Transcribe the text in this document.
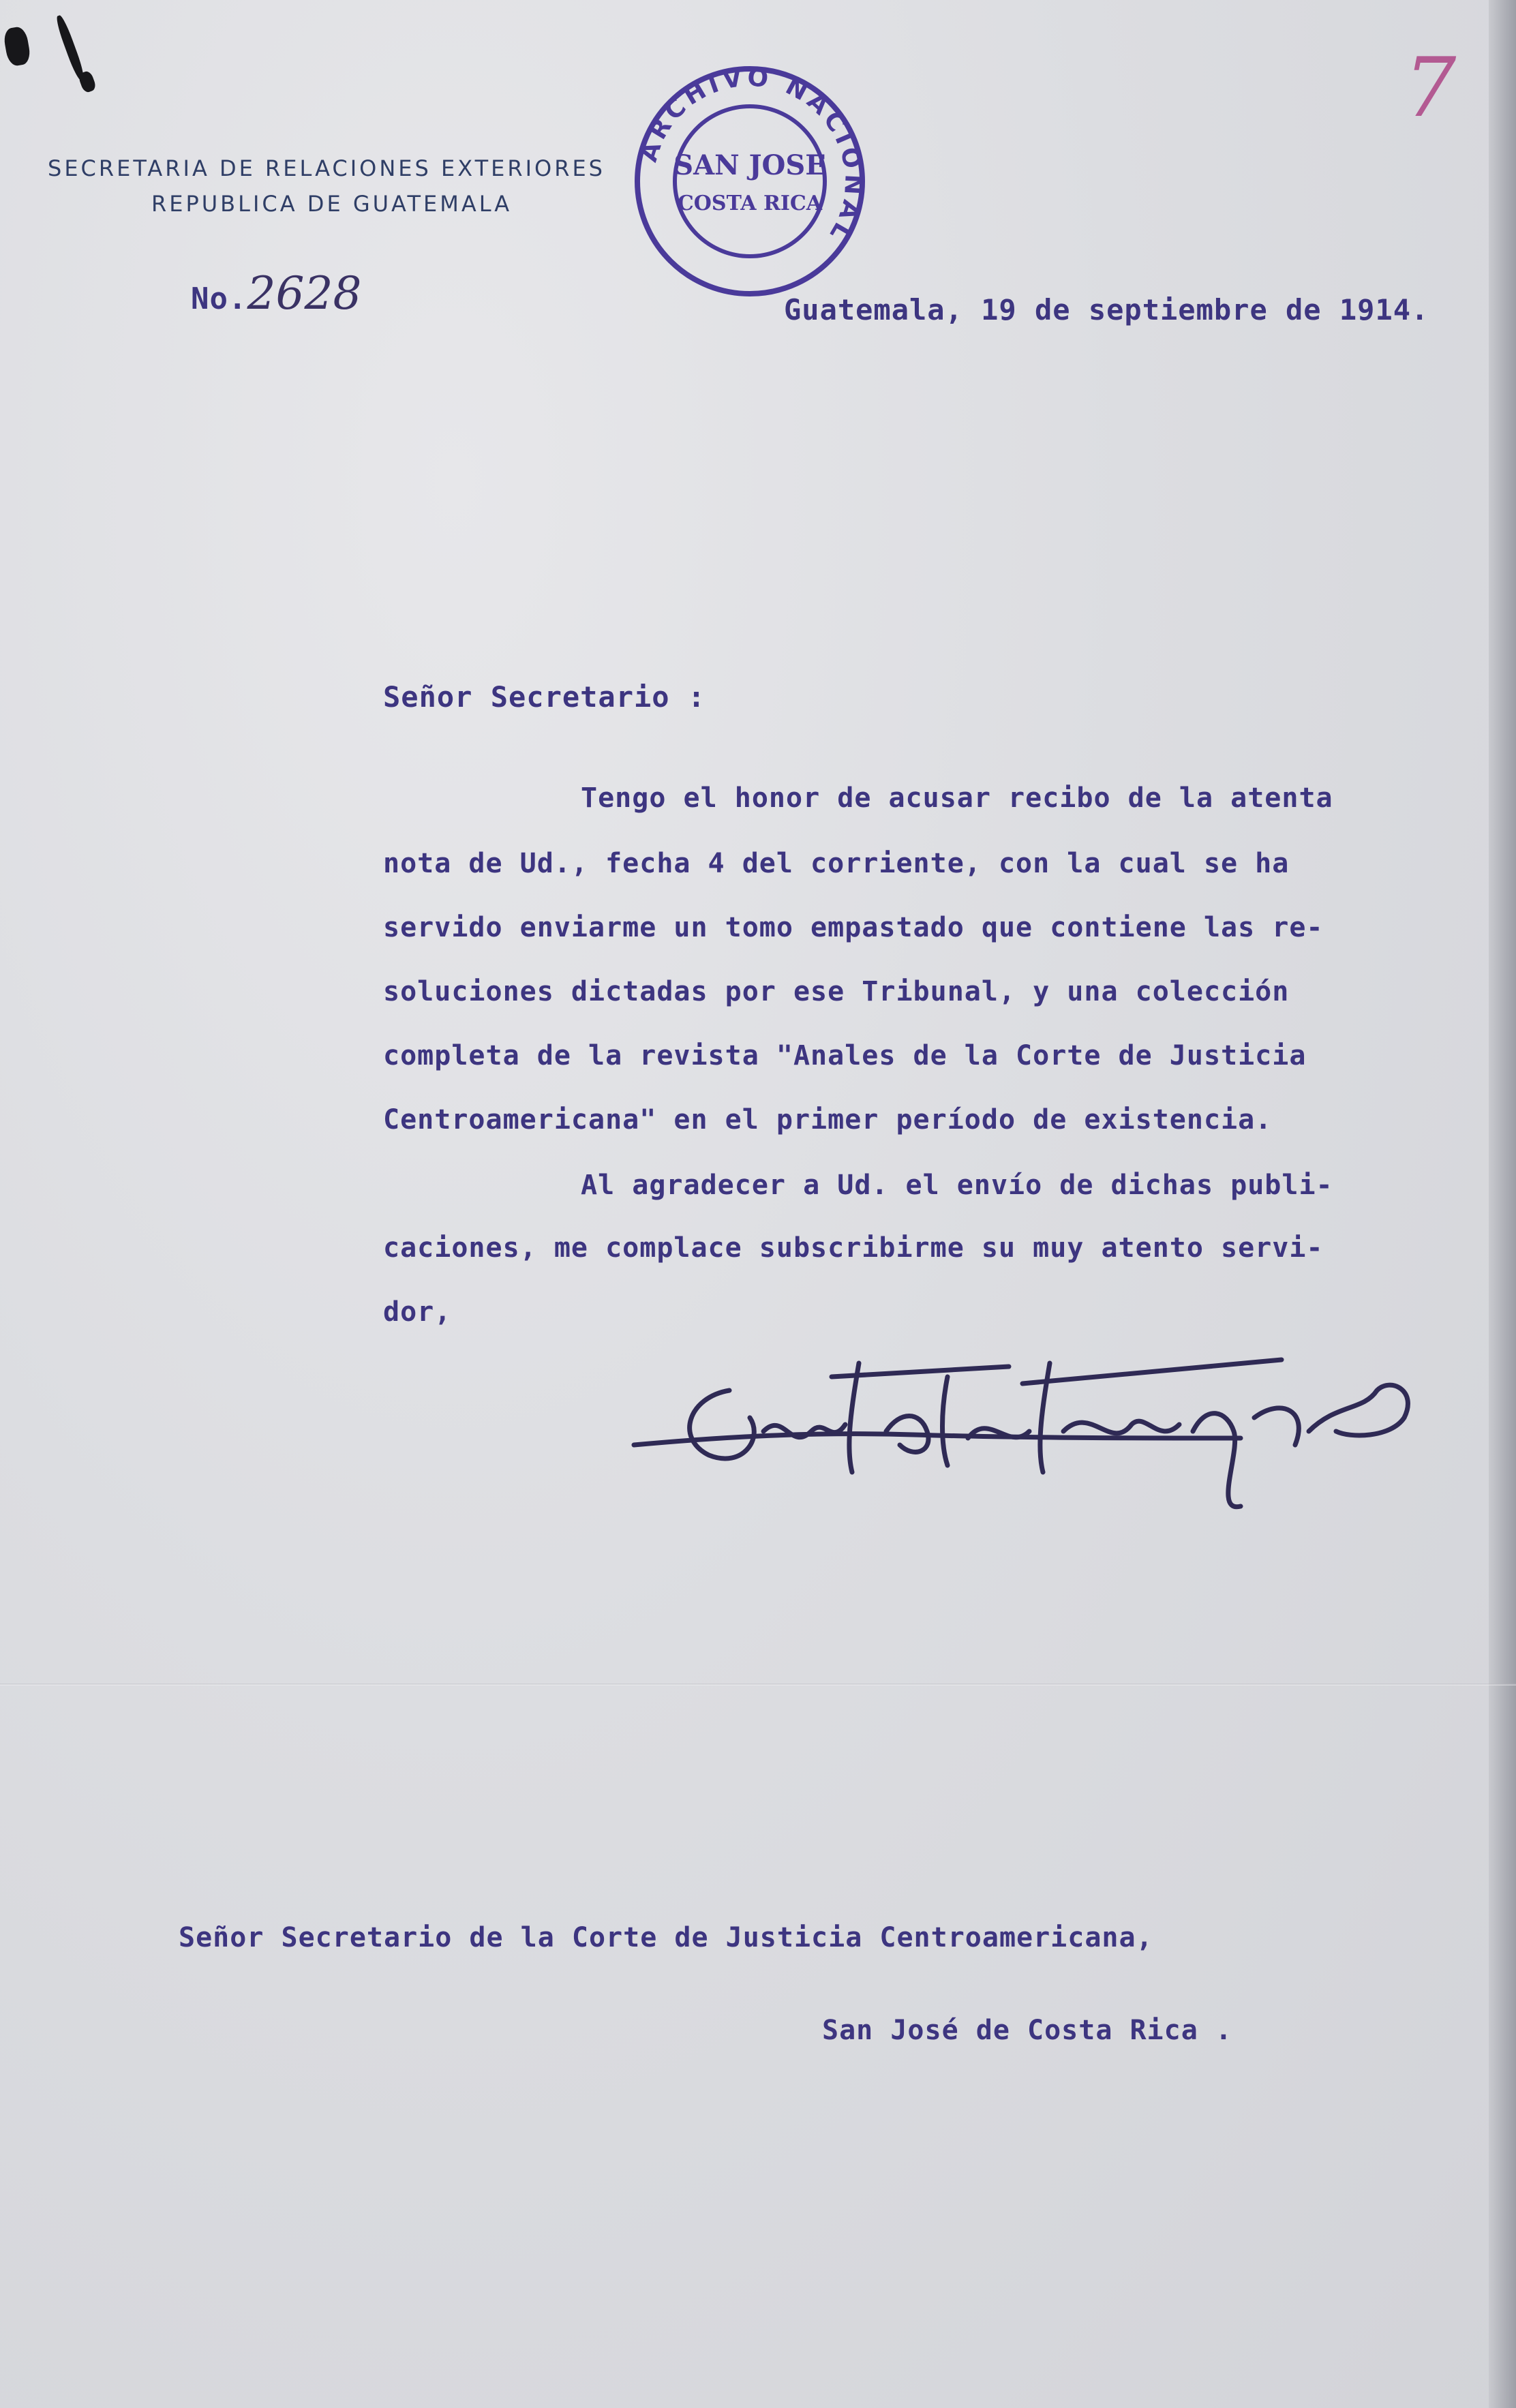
SECRETARIA DE RELACIONES EXTERIORES
REPUBLICA DE GUATEMALA
No.2628
7
ARCHIVO NACIONAL
SAN JOSE
COSTA RICA
Guatemala, 19 de septiembre de 1914.
Señor Secretario :
Tengo el honor de acusar recibo de la atenta
nota de Ud., fecha 4 del corriente, con la cual se ha
servido enviarme un tomo empastado que contiene las re-
soluciones dictadas por ese Tribunal, y una colección
completa de la revista "Anales de la Corte de Justicia
Centroamericana" en el primer período de existencia.
Al agradecer a Ud. el envío de dichas publi-
caciones, me complace subscribirme su muy atento servi-
dor,
Señor Secretario de la Corte de Justicia Centroamericana,
San José de Costa Rica .
